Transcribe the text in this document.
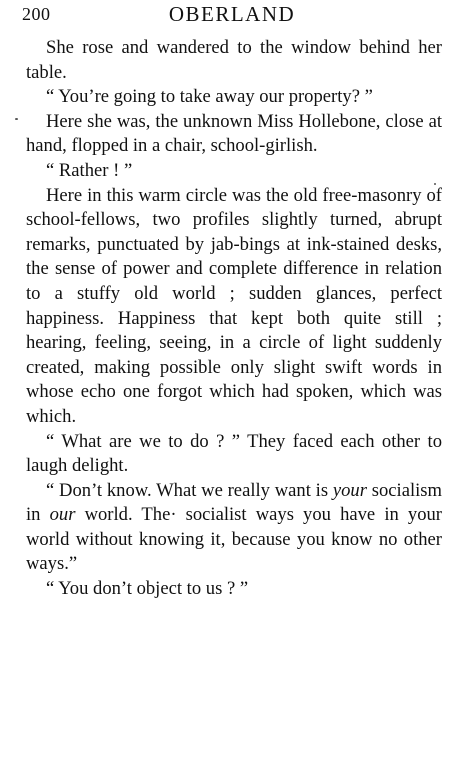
200	OBERLAND

She rose and wandered to the window behind her table.

“ You’re going to take away our property? ”

Here she was, the unknown Miss Hollebone, close at hand, flopped in a chair, school-girlish.

“ Rather ! ”

Here in this warm circle was the old free-masonry of school-fellows, two profiles slightly turned, abrupt remarks, punctuated by jab-bings at ink-stained desks, the sense of power and complete difference in relation to a stuffy old world ; sudden glances, perfect happiness. Happiness that kept both quite still ; hearing, feeling, seeing, in a circle of light suddenly created, making possible only slight swift words in whose echo one forgot which had spoken, which was which.

“ What are we to do ? ” They faced each other to laugh delight.

“ Don’t know. What we really want is your socialism in our world. The· socialist ways you have in your world without knowing it, because you know no other ways.”

“ You don’t object to us ? ”
